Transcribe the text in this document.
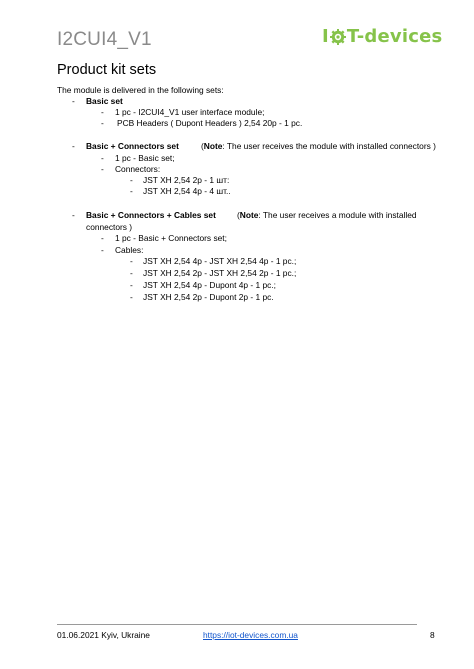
I2CUI4_V1	I T-devices
Product kit sets
The module is delivered in the following sets:
- Basic set
- 1 pc - I2CUI4_V1 user interface module;
- PCB Headers ( Dupont Headers ) 2,54 20p - 1 pc.
- Basic + Connectors set	(Note: The user receives the module with installed connectors )
- 1 pc - Basic set;
- Connectors:
- JST XH 2,54 2p - 1 шт:
- JST XH 2,54 4p - 4 шт..
- Basic + Connectors + Cables set	(Note: The user receives a module with installed
connectors )
- 1 pc - Basic + Connectors set;
- Cables:
- JST XH 2,54 4p - JST XH 2,54 4p - 1 pc.;
- JST XH 2,54 2p - JST XH 2,54 2p - 1 pc.;
- JST XH 2,54 4p - Dupont 4p - 1 pc.;
- JST XH 2,54 2p - Dupont 2p - 1 pc.
01.06.2021 Kyiv, Ukraine	https://iot-devices.com.ua	8
